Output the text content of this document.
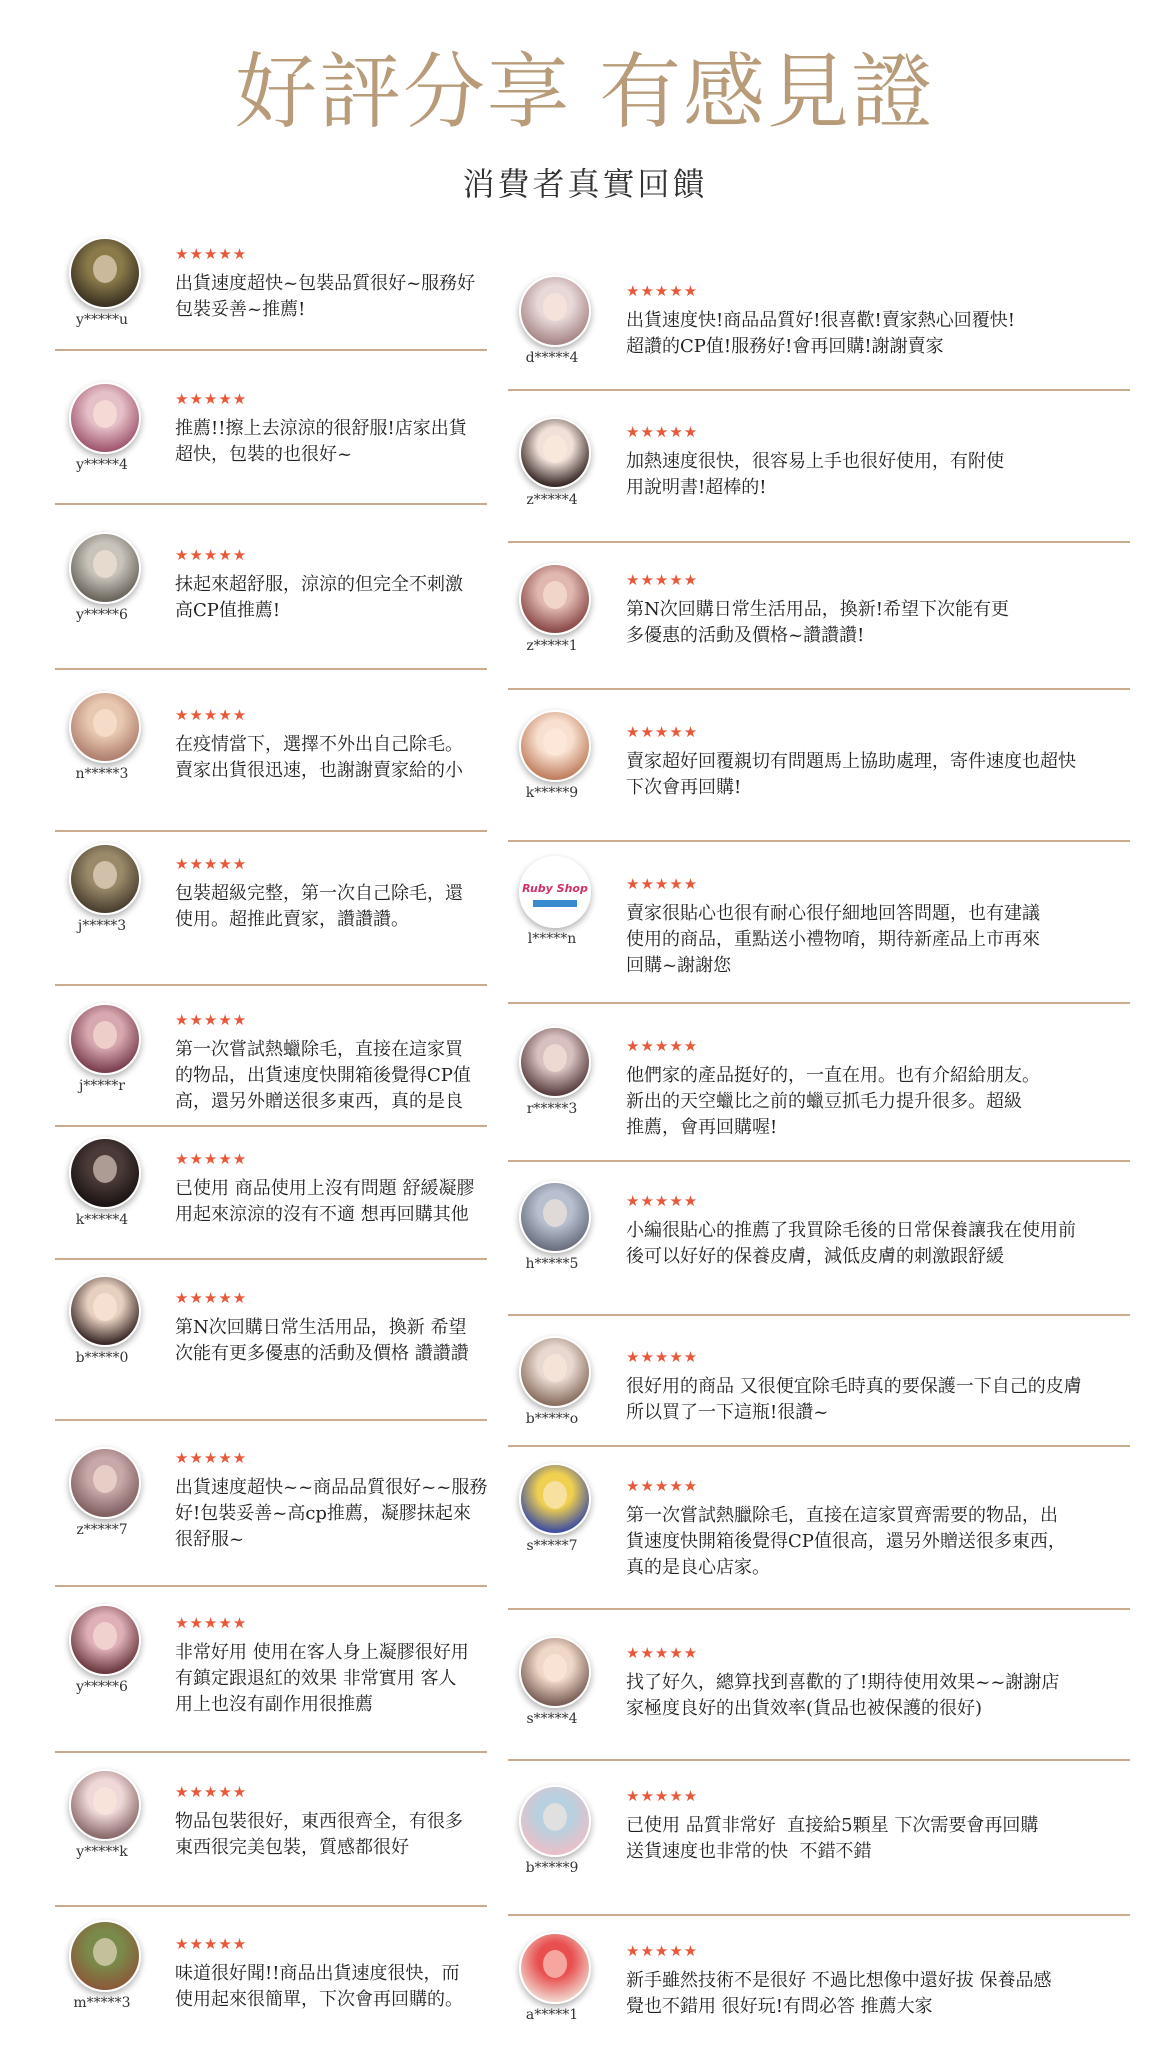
好評分享 有感見證
消費者真實回饋
y*****u
★★★★★
出貨速度超快~包裝品質很好~服務好
包裝妥善~推薦!
y*****4
★★★★★
推薦!!擦上去涼涼的很舒服!店家出貨
超快，包裝的也很好~
y*****6
★★★★★
抹起來超舒服，涼涼的但完全不刺激
高CP值推薦!
n*****3
★★★★★
在疫情當下，選擇不外出自己除毛。
賣家出貨很迅速，也謝謝賣家給的小
j*****3
★★★★★
包裝超級完整，第一次自己除毛，還
使用。超推此賣家，讚讚讚。
j*****r
★★★★★
第一次嘗試熱蠟除毛，直接在這家買
的物品，出貨速度快開箱後覺得CP值
高，還另外贈送很多東西，真的是良
k*****4
★★★★★
已使用 商品使用上沒有問題 舒緩凝膠
用起來涼涼的沒有不適 想再回購其他
b*****0
★★★★★
第N次回購日常生活用品，換新 希望
次能有更多優惠的活動及價格 讚讚讚
z*****7
★★★★★
出貨速度超快~~商品品質很好~~服務
好!包裝妥善~高cp推薦，凝膠抹起來
很舒服~
y*****6
★★★★★
非常好用 使用在客人身上凝膠很好用
有鎮定跟退紅的效果 非常實用 客人
用上也沒有副作用很推薦
y*****k
★★★★★
物品包裝很好，東西很齊全，有很多
東西很完美包裝，質感都很好
m*****3
★★★★★
味道很好聞!!商品出貨速度很快，而
使用起來很簡單，下次會再回購的。
d*****4
★★★★★
出貨速度快!商品品質好!很喜歡!賣家熱心回覆快!
超讚的CP值!服務好!會再回購!謝謝賣家
z*****4
★★★★★
加熱速度很快，很容易上手也很好使用，有附使
用說明書!超棒的!
z*****1
★★★★★
第N次回購日常生活用品，換新!希望下次能有更
多優惠的活動及價格~讚讚讚!
k*****9
★★★★★
賣家超好回覆親切有問題馬上協助處理，寄件速度也超快
下次會再回購!
Ruby Shop
l*****n
★★★★★
賣家很貼心也很有耐心很仔細地回答問題，也有建議
使用的商品，重點送小禮物唷，期待新產品上市再來
回購~謝謝您
r*****3
★★★★★
他們家的產品挺好的，一直在用。也有介紹給朋友。
新出的天空蠟比之前的蠟豆抓毛力提升很多。超級
推薦，會再回購喔!
h*****5
★★★★★
小編很貼心的推薦了我買除毛後的日常保養讓我在使用前
後可以好好的保養皮膚，減低皮膚的刺激跟舒緩
b*****o
★★★★★
很好用的商品 又很便宜除毛時真的要保護一下自己的皮膚
所以買了一下這瓶!很讚~
s*****7
★★★★★
第一次嘗試熱臘除毛，直接在這家買齊需要的物品，出
貨速度快開箱後覺得CP值很高，還另外贈送很多東西，
真的是良心店家。
s*****4
★★★★★
找了好久，總算找到喜歡的了!期待使用效果~~謝謝店
家極度良好的出貨效率(貨品也被保護的很好)
b*****9
★★★★★
已使用 品質非常好  直接給5顆星 下次需要會再回購
送貨速度也非常的快  不錯不錯
a*****1
★★★★★
新手雖然技術不是很好 不過比想像中還好拔 保養品感
覺也不錯用 很好玩!有問必答 推薦大家
